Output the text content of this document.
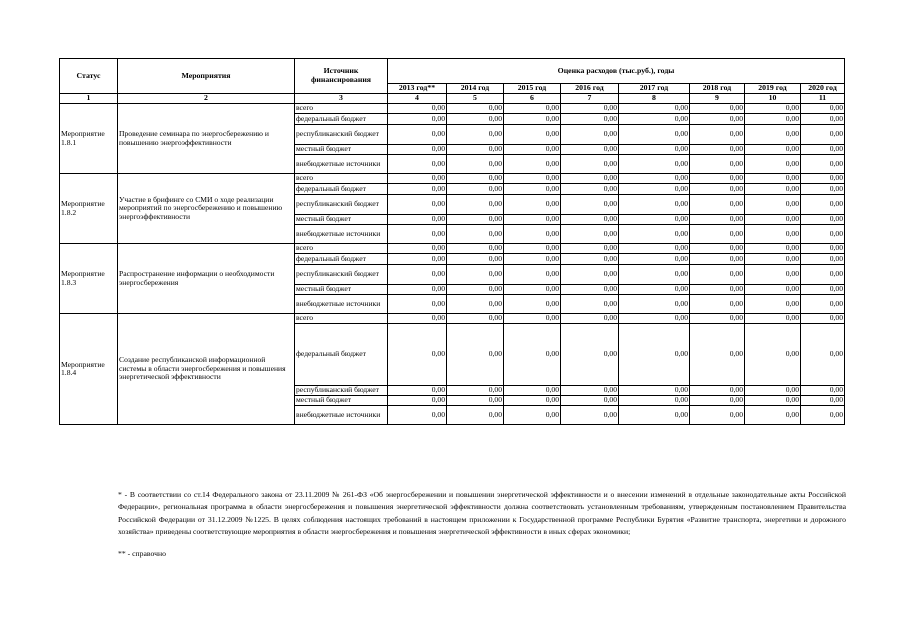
Статус	Мероприятия	Источник финансирования	Оценка расходов (тыс.руб.), годы							
			2013 год**	2014 год	2015 год	2016 год	2017 год	2018 год	2019 год	2020 год
1	2	3	4	5	6	7	8	9	10	11
Мероприятие 1.8.1	Проведение семинара по энергосбережению и повышению энергоэффективности	всего	0,00	0,00	0,00	0,00	0,00	0,00	0,00	0,00
		федеральный бюджет	0,00	0,00	0,00	0,00	0,00	0,00	0,00	0,00
		республиканский бюджет	0,00	0,00	0,00	0,00	0,00	0,00	0,00	0,00
		местный бюджет	0,00	0,00	0,00	0,00	0,00	0,00	0,00	0,00
		внебюджетные источники	0,00	0,00	0,00	0,00	0,00	0,00	0,00	0,00
Мероприятие 1.8.2	Участие в брифинге со СМИ о ходе реализации мероприятий по энергосбережению и повышению энергоэффективности	всего	0,00	0,00	0,00	0,00	0,00	0,00	0,00	0,00
		федеральный бюджет	0,00	0,00	0,00	0,00	0,00	0,00	0,00	0,00
		республиканский бюджет	0,00	0,00	0,00	0,00	0,00	0,00	0,00	0,00
		местный бюджет	0,00	0,00	0,00	0,00	0,00	0,00	0,00	0,00
		внебюджетные источники	0,00	0,00	0,00	0,00	0,00	0,00	0,00	0,00
Мероприятие 1.8.3	Распространение информации о необходимости энергосбережения	всего	0,00	0,00	0,00	0,00	0,00	0,00	0,00	0,00
		федеральный бюджет	0,00	0,00	0,00	0,00	0,00	0,00	0,00	0,00
		республиканский бюджет	0,00	0,00	0,00	0,00	0,00	0,00	0,00	0,00
		местный бюджет	0,00	0,00	0,00	0,00	0,00	0,00	0,00	0,00
		внебюджетные источники	0,00	0,00	0,00	0,00	0,00	0,00	0,00	0,00
Мероприятие 1.8.4	Создание республиканской информационной системы в области энергосбережения и повышения энергетической эффективности	всего	0,00	0,00	0,00	0,00	0,00	0,00	0,00	0,00
		федеральный бюджет	0,00	0,00	0,00	0,00	0,00	0,00	0,00	0,00
		республиканский бюджет	0,00	0,00	0,00	0,00	0,00	0,00	0,00	0,00
		местный бюджет	0,00	0,00	0,00	0,00	0,00	0,00	0,00	0,00
		внебюджетные источники	0,00	0,00	0,00	0,00	0,00	0,00	0,00	0,00

* - В соответствии со ст.14 Федерального закона от 23.11.2009 № 261-ФЗ «Об энергосбережении и повышении энергетической эффективности и о внесении изменений в отдельные законодательные акты Российской Федерации», региональная программа в области энергосбережения и повышения энергетической эффективности должна соответствовать установленным требованиям, утвержденным постановлением Правительства Российской Федерации от 31.12.2009 №1225. В целях соблюдения настоящих требований в настоящем приложении к Государственной программе Республики Бурятия «Развитие транспорта, энергетики и дорожного хозяйства» приведены соответствующие мероприятия в области энергосбережения и повышения энергетической эффективности в иных сферах экономики;

** - справочно
